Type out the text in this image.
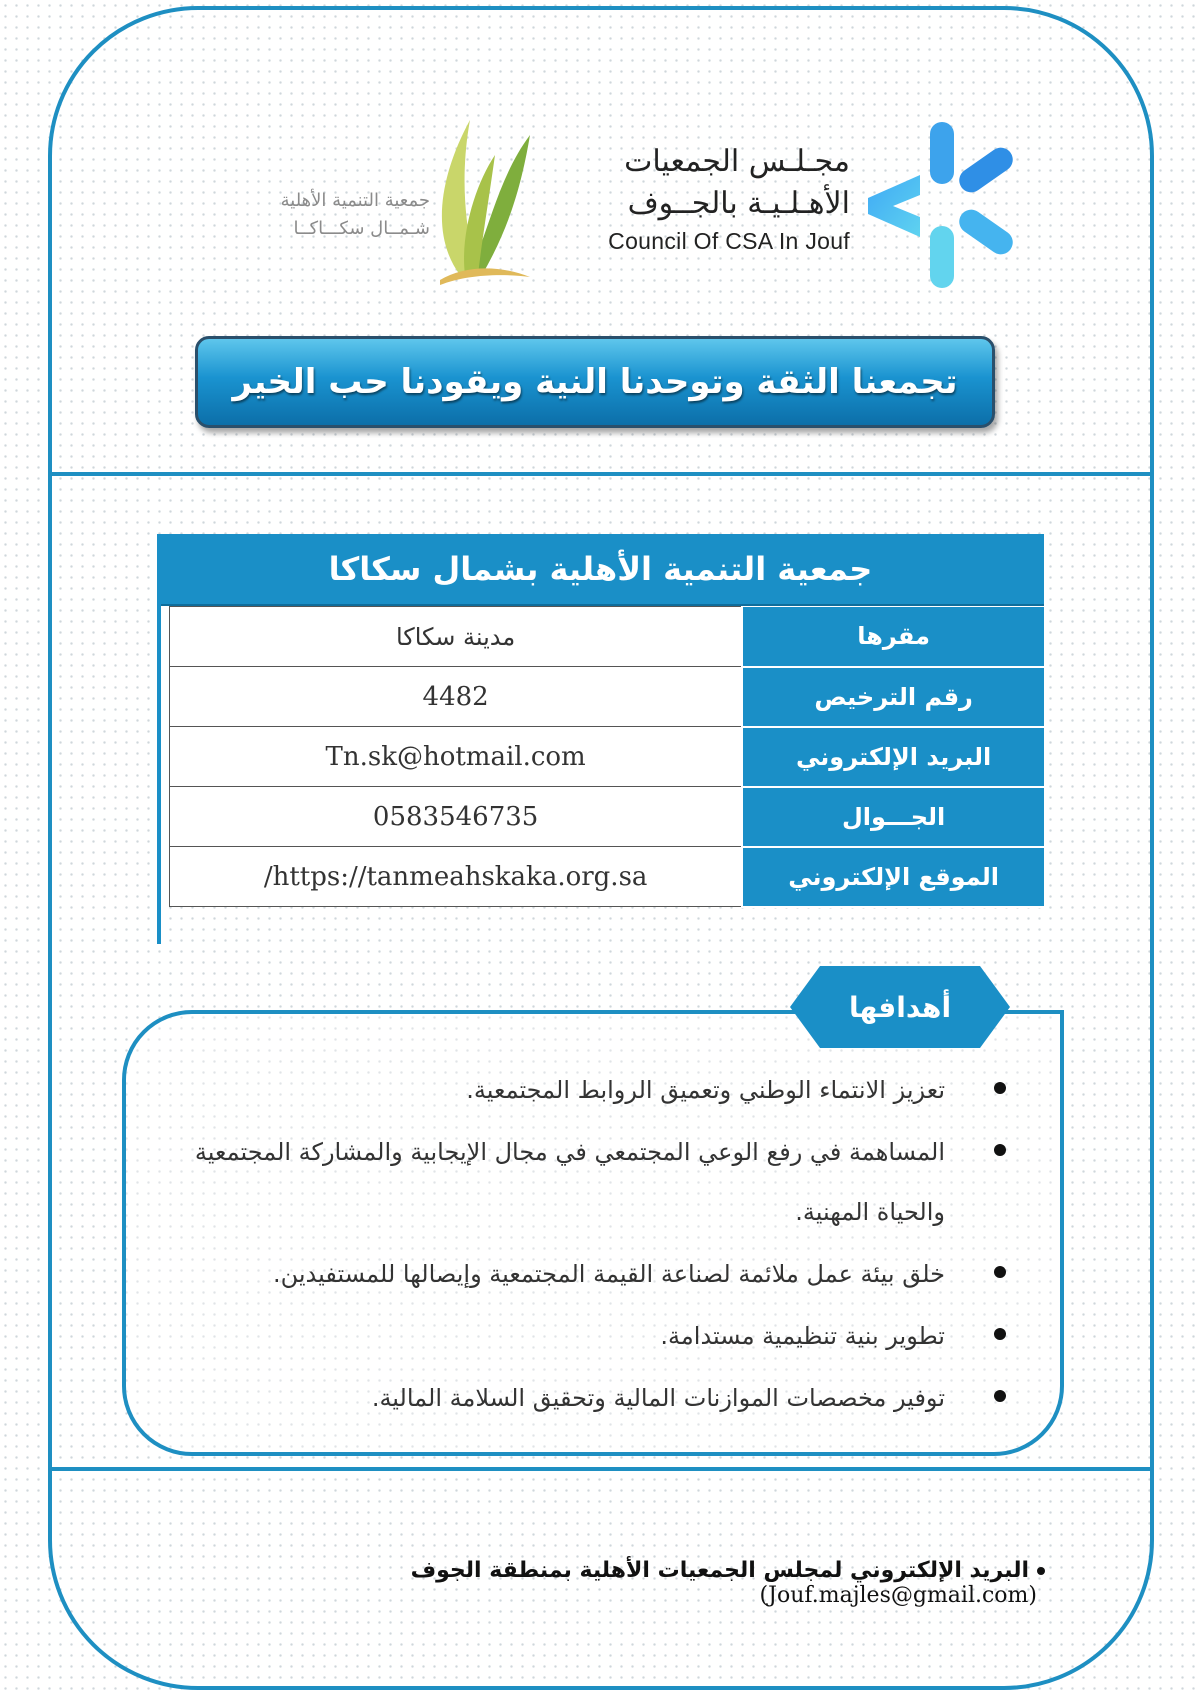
مجـلـس الجمعيات
الأهـلـيـة بالجــوف
Council Of CSA In Jouf
جمعية التنمية الأهلية
شـمــال سكـــاكــا
تجمعنا الثقة وتوحدنا النية ويقودنا حب الخير
جمعية التنمية الأهلية بشمال سكاكا
مدينة سكاكا	مقرها
4482	رقم الترخيص
Tn.sk@hotmail.com	البريد الإلكتروني
0583546735	الجـــوال
/https://tanmeahskaka.org.sa	الموقع الإلكتروني
أهدافها
تعزيز الانتماء الوطني وتعميق الروابط المجتمعية.
المساهمة في رفع الوعي المجتمعي في مجال الإيجابية والمشاركة المجتمعية والحياة المهنية.
خلق بيئة عمل ملائمة لصناعة القيمة المجتمعية وإيصالها للمستفيدين.
تطوير بنية تنظيمية مستدامة.
توفير مخصصات الموازنات المالية وتحقيق السلامة المالية.
البريد الإلكتروني لمجلس الجمعيات الأهلية بمنطقة الجوف (Jouf.majles@gmail.com)
